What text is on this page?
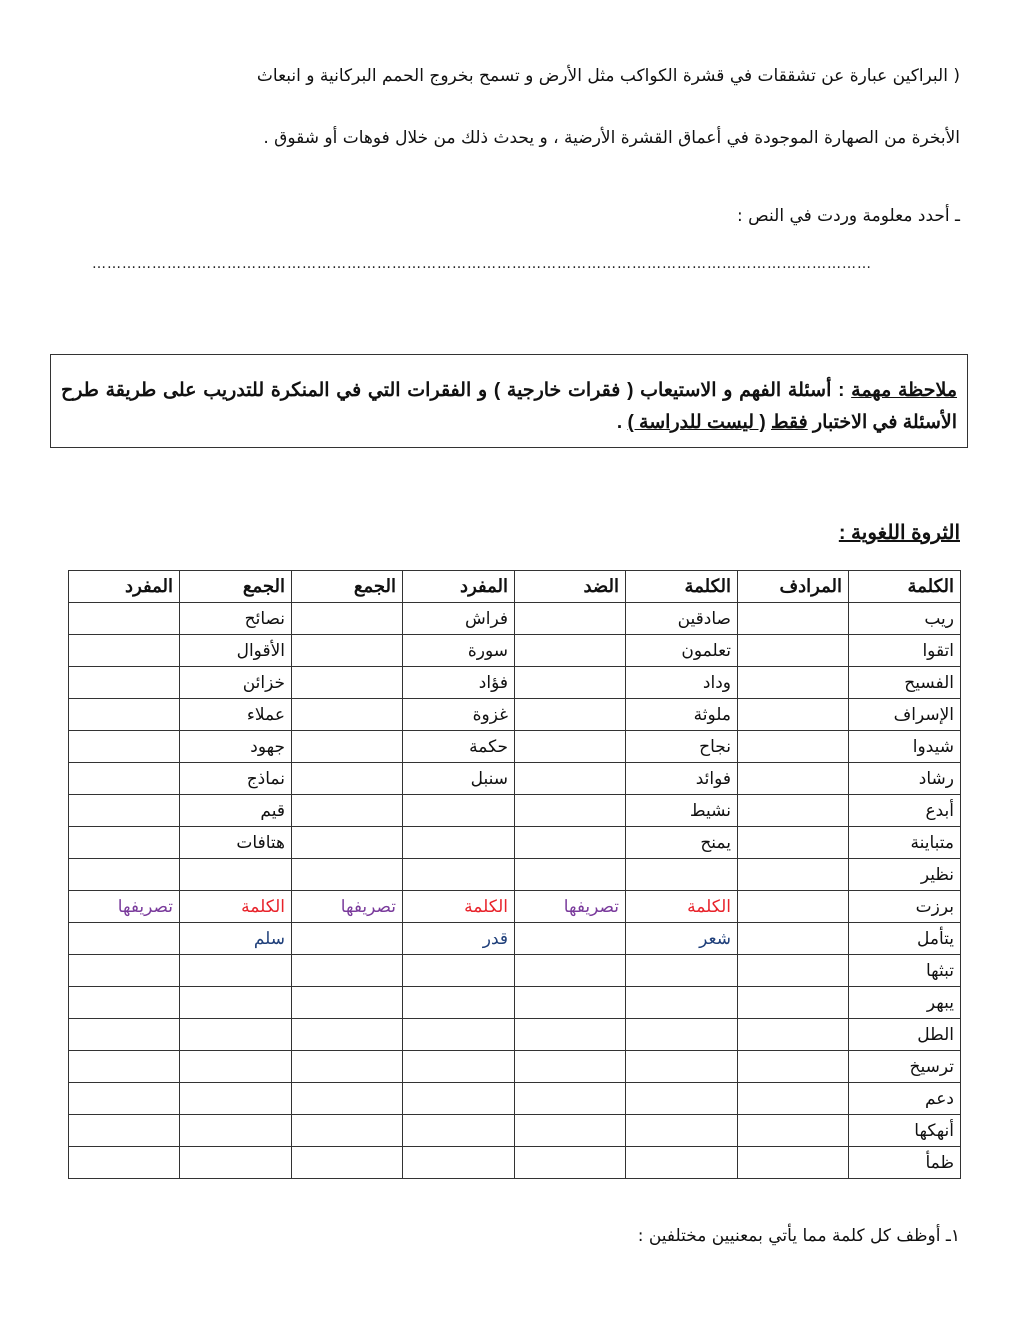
( البراكين عبارة عن تشققات في قشرة الكواكب مثل الأرض و تسمح بخروج الحمم البركانية و انبعاث
الأبخرة من الصهارة الموجودة في أعماق القشرة الأرضية ، و يحدث ذلك من خلال فوهات أو شقوق .
ـ أحدد معلومة وردت في النص :
…………………………………………………………………………………………………………………………………………
ملاحظة مهمة : أسئلة الفهم و الاستيعاب ( فقرات خارجية ) و الفقرات التي في المنكرة للتدريب على طريقة طرح الأسئلة في الاختبار فقط ( ليست للدراسة ) .
الثروة اللغوية :
الكلمة	المرادف	الكلمة	الضد	المفرد	الجمع	الجمع	المفرد
ريب		صادقين		فراش		نصائح	
اتقوا		تعلمون		سورة		الأقوال	
الفسيح		وداد		فؤاد		خزائن	
الإسراف		ملوثة		غزوة		عملاء	
شيدوا		نجاح		حكمة		جهود	
رشاد		فوائد		سنبل		نماذج	
أبدع		نشيط				قيم	
متباينة		يمنح				هتافات	
نظير							
برزت		الكلمة	تصريفها	الكلمة	تصريفها	الكلمة	تصريفها
يتأمل		شعر		قدر		سلم	
تبثها							
يبهر							
الطل							
ترسيخ							
دعم							
أنهكها							
ظمأ							
١ـ أوظف كل كلمة مما يأتي بمعنيين مختلفين :
